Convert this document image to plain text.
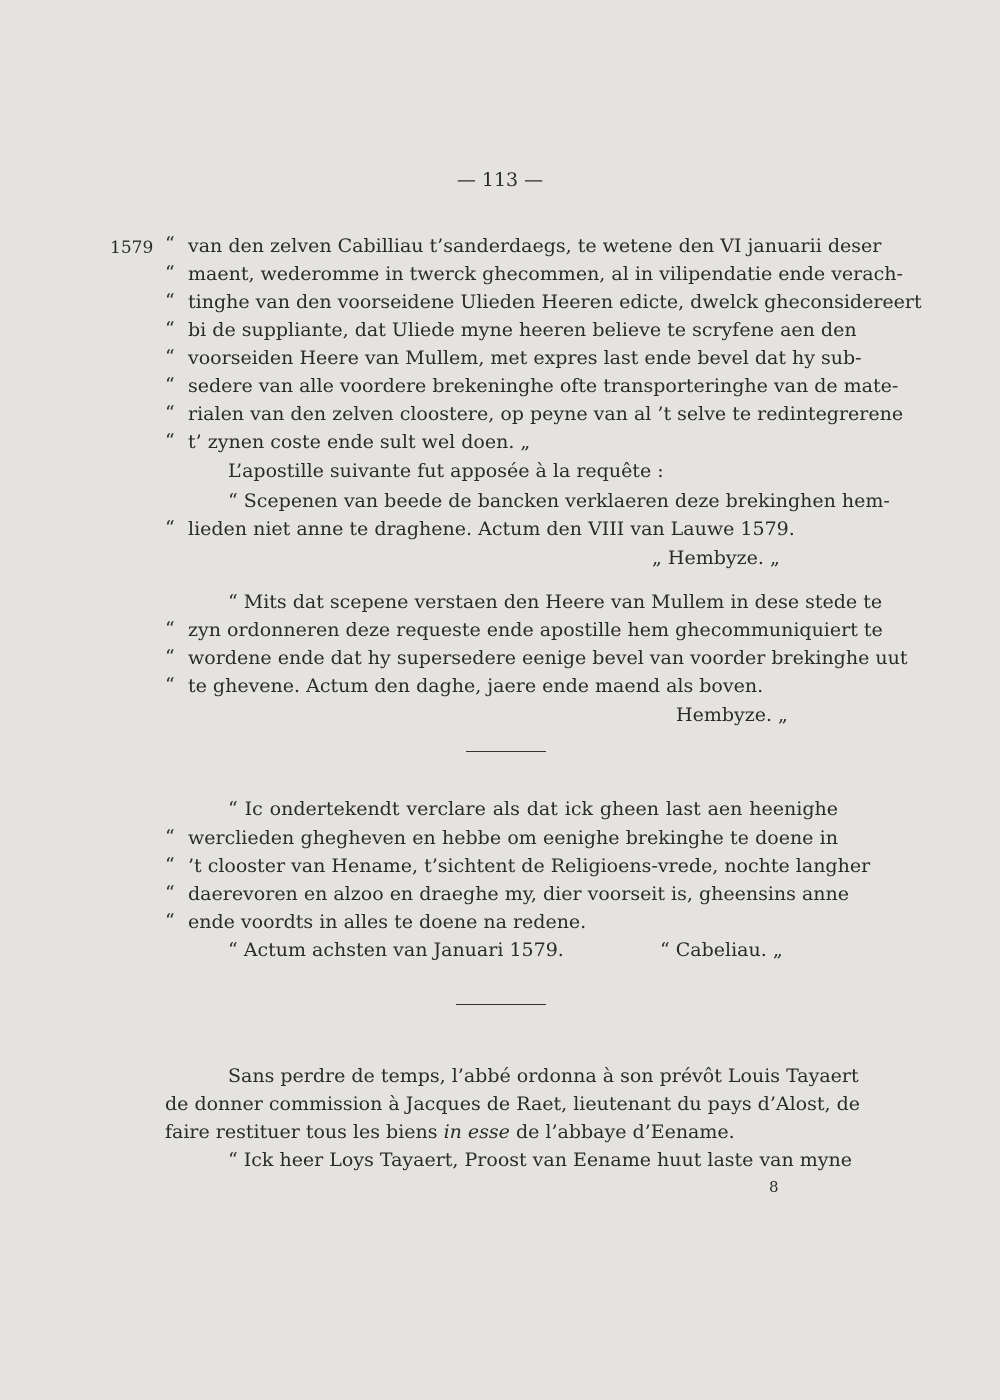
— 113 —
1579 “ van den zelven Cabilliau t’sanderdaegs, te wetene den VI januarii deser
“ maent, wederomme in twerck ghecommen, al in vilipendatie ende verach-
“ tinghe van den voorseidene Ulieden Heeren edicte, dwelck gheconsidereert
“ bi de suppliante, dat Uliede myne heeren believe te scryfene aen den
“ voorseiden Heere van Mullem, met expres last ende bevel dat hy sub-
“ sedere van alle voordere brekeninghe ofte transporteringhe van de mate-
“ rialen van den zelven cloostere, op peyne van al ’t selve te redintegrerene
“ t’ zynen coste ende sult wel doen. „
L’apostille suivante fut apposée à la requête :
“ Scepenen van beede de bancken verklaeren deze brekinghen hem-
“ lieden niet anne te draghene. Actum den VIII van Lauwe 1579.
„ Hembyze. „
“ Mits dat scepene verstaen den Heere van Mullem in dese stede te
“ zyn ordonneren deze requeste ende apostille hem ghecommuniquiert te
“ wordene ende dat hy supersedere eenige bevel van voorder brekinghe uut
“ te ghevene. Actum den daghe, jaere ende maend als boven.
Hembyze. „
“ Ic ondertekendt verclare als dat ick gheen last aen heenighe
“ werclieden ghegheven en hebbe om eenighe brekinghe te doene in
“ ’t clooster van Hename, t’sichtent de Religioens-vrede, nochte langher
“ daerevoren en alzoo en draeghe my, dier voorseit is, gheensins anne
“ ende voordts in alles te doene na redene.
“ Actum achsten van Januari 1579.	“ Cabeliau. „
Sans perdre de temps, l’abbé ordonna à son prévôt Louis Tayaert
de donner commission à Jacques de Raet, lieutenant du pays d’Alost, de
faire restituer tous les biens in esse de l’abbaye d’Eename.
“ Ick heer Loys Tayaert, Proost van Eename huut laste van myne
8
